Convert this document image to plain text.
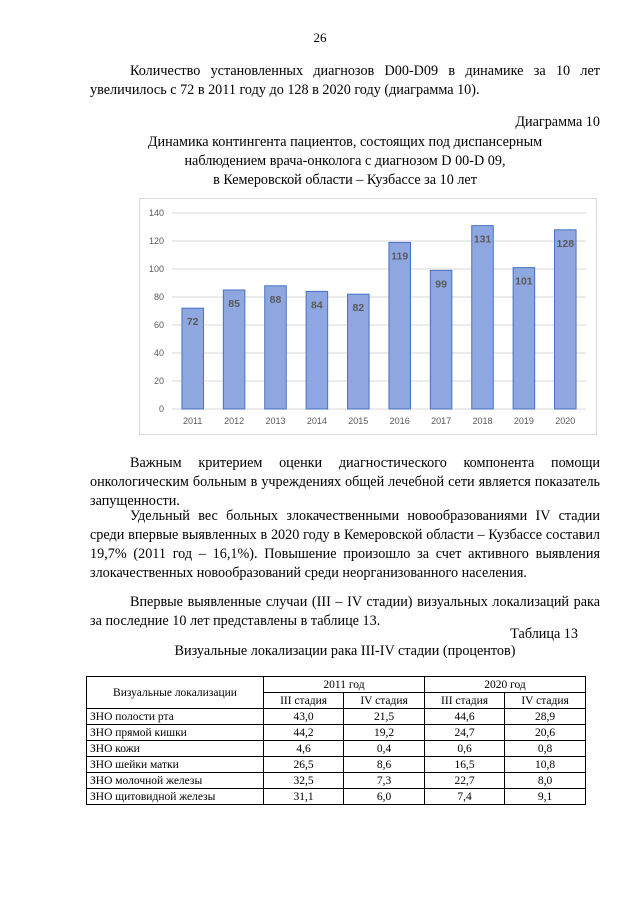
26

Количество установленных диагнозов D00-D09 в динамике за 10 лет увеличилось с 72 в 2011 году до 128 в 2020 году (диаграмма 10).

Диаграмма 10
Динамика контингента пациентов, состоящих под диспансерным
наблюдением врача-онколога с диагнозом D 00-D 09,
в Кемеровской области – Кузбассе за 10 лет
0
20
40
60
80
100
120
140
72
2011
85
2012
88
2013
84
2014
82
2015
119
2016
99
2017
131
2018
101
2019
128
2020

Важным критерием оценки диагностического компонента помощи онкологическим больным в учреждениях общей лечебной сети является показатель запущенности.

Удельный вес больных злокачественными новообразованиями IV стадии среди впервые выявленных в 2020 году в Кемеровской области – Кузбассе составил 19,7% (2011 год – 16,1%). Повышение произошло за счет активного выявления злокачественных новообразований среди неорганизованного населения.

Впервые выявленные случаи (III – IV стадии) визуальных локализаций рака за последние 10 лет представлены в таблице 13.

Таблица 13
Визуальные локализации рака III-IV стадии (процентов)
Визуальные локализации	2011 год		2020 год	
	III стадия	IV стадия	III стадия	IV стадия
ЗНО полости рта	43,0	21,5	44,6	28,9
ЗНО прямой кишки	44,2	19,2	24,7	20,6
ЗНО кожи	4,6	0,4	0,6	0,8
ЗНО шейки матки	26,5	8,6	16,5	10,8
ЗНО молочной железы	32,5	7,3	22,7	8,0
ЗНО щитовидной железы	31,1	6,0	7,4	9,1
